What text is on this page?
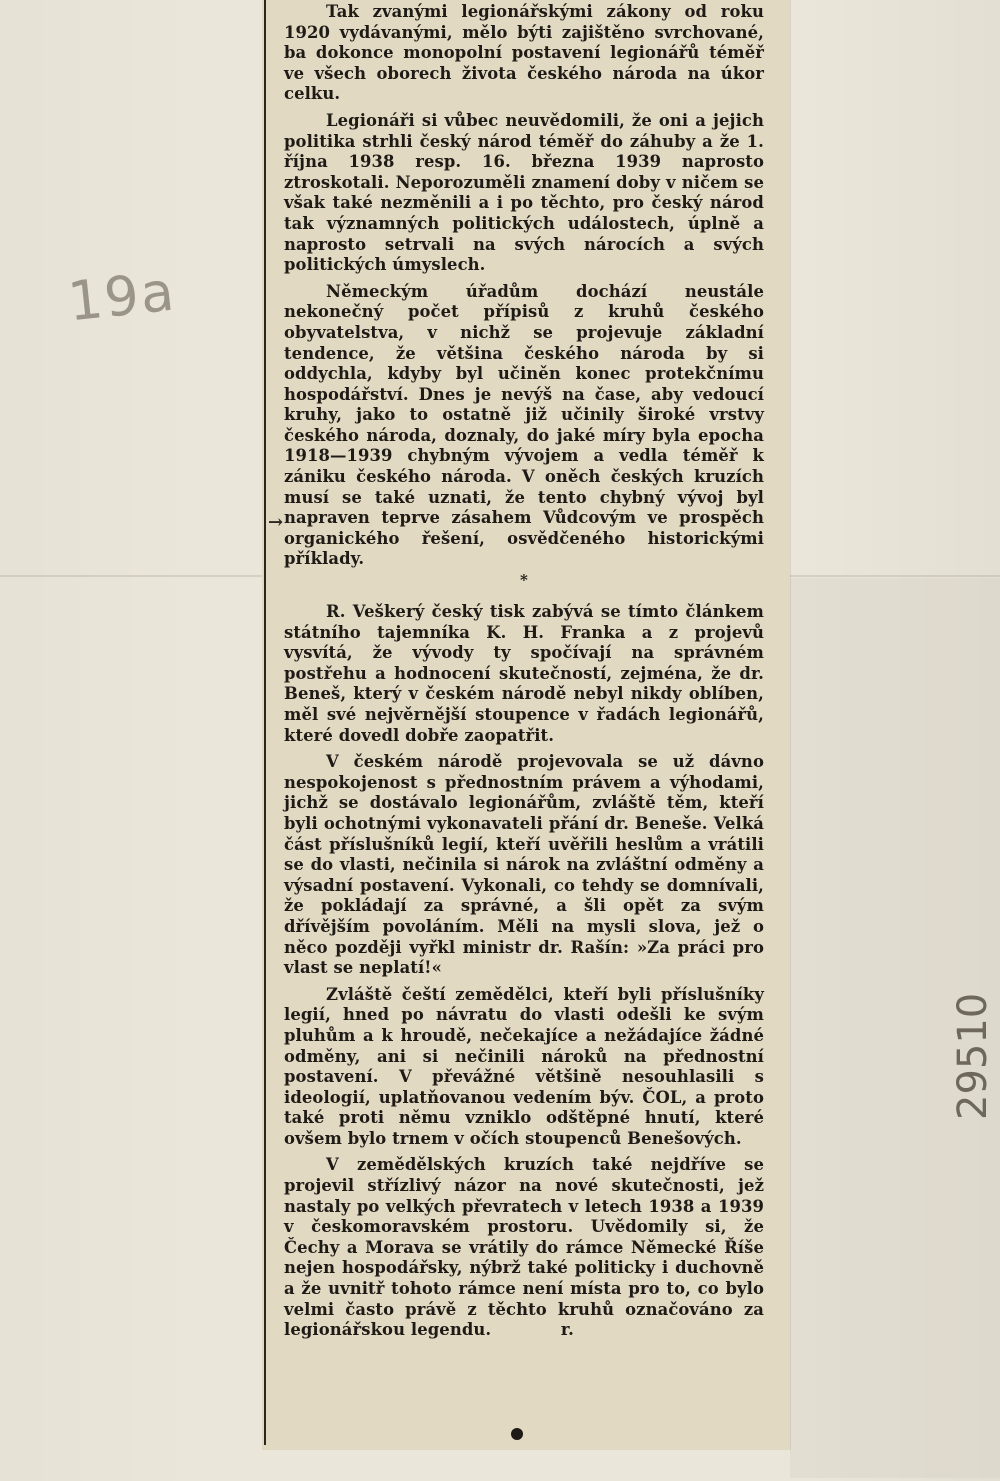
19a
29510
→

Tak zvanými legionářskými zákony od roku 1920 vydávanými, mělo býti zajištěno svrchované, ba dokonce monopolní postavení legionářů téměř ve všech oborech života českého národa na úkor celku.

Legionáři si vůbec neuvědomili, že oni a jejich politika strhli český národ téměř do záhuby a že 1. října 1938 resp. 16. března 1939 naprosto ztroskotali. Neporozuměli znamení doby v ničem se však také nezměnili a i po těchto, pro český národ tak významných politických událostech, úplně a naprosto setrvali na svých nárocích a svých politických úmyslech.

Německým úřadům dochází neustále nekonečný počet přípisů z kruhů českého obyvatelstva, v nichž se projevuje základní tendence, že většina českého národa by si oddychla, kdyby byl učiněn konec protekčnímu hospodářství. Dnes je nevýš na čase, aby vedoucí kruhy, jako to ostatně již učinily široké vrstvy českého národa, doznaly, do jaké míry byla epocha 1918—1939 chybným vývojem a vedla téměř k zániku českého národa. V oněch českých kruzích musí se také uznati, že tento chybný vývoj byl napraven teprve zásahem Vůdcovým ve prospěch organického řešení, osvědčeného historickými příklady.

*

R. Veškerý český tisk zabývá se tímto článkem státního tajemníka K. H. Franka a z projevů vysvítá, že vývody ty spočívají na správném postřehu a hodnocení skutečností, zejména, že dr. Beneš, který v českém národě nebyl nikdy oblíben, měl své nejvěrnější stoupence v řadách legionářů, které dovedl dobře zaopatřit.

V českém národě projevovala se už dávno nespokojenost s přednostním právem a výhodami, jichž se dostávalo legionářům, zvláště těm, kteří byli ochotnými vykonavateli přání dr. Beneše. Velká část příslušníků legií, kteří uvěřili heslům a vrátili se do vlasti, nečinila si nárok na zvláštní odměny a výsadní postavení. Vykonali, co tehdy se domnívali, že pokládají za správné, a šli opět za svým dřívějším povoláním. Měli na mysli slova, jež o něco později vyřkl ministr dr. Rašín: »Za práci pro vlast se neplatí!«

Zvláště čeští zemědělci, kteří byli příslušníky legií, hned po návratu do vlasti odešli ke svým pluhům a k hroudě, nečekajíce a nežádajíce žádné odměny, ani si nečinili nároků na přednostní postavení. V převážné většině nesouhlasili s ideologií, uplatňovanou vedením býv. ČOL, a proto také proti němu vzniklo odštěpné hnutí, které ovšem bylo trnem v očích stoupenců Benešových.

V zemědělských kruzích také nejdříve se projevil střízlivý názor na nové skutečnosti, jež nastaly po velkých převratech v letech 1938 a 1939 v českomoravském prostoru. Uvědomily si, že Čechy a Morava se vrátily do rámce Německé Říše nejen hospodářsky, nýbrž také politicky i duchovně a že uvnitř tohoto rámce není místa pro to, co bylo velmi často právě z těchto kruhů označováno za legionářskou legendu.	r.
